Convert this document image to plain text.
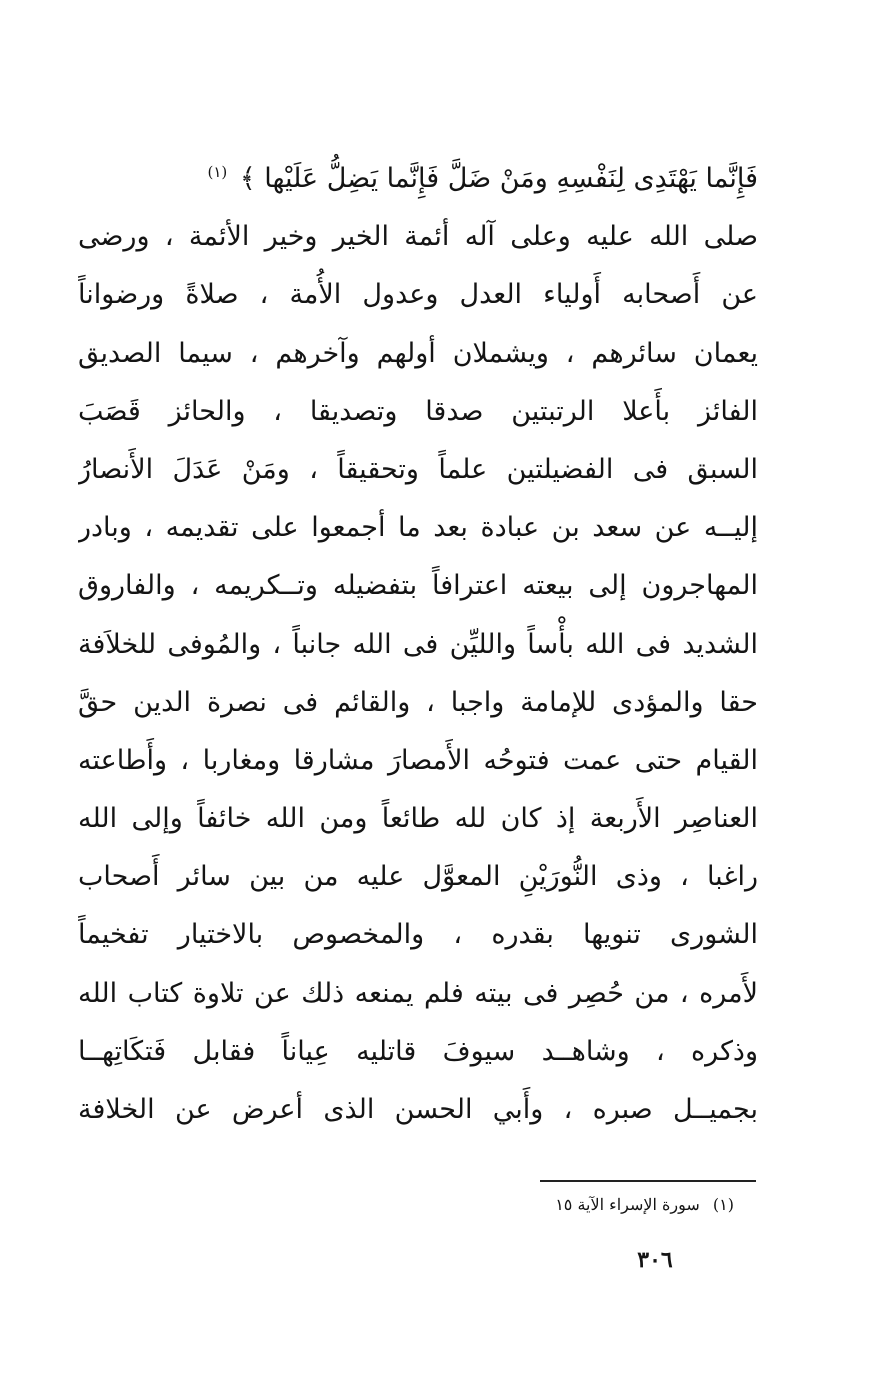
فَإِنَّما يَهْتَدِى لِنَفْسِهِ ومَنْ ضَلَّ فَإِنَّما يَضِلُّ عَلَيْها ﴾ $^{(١)}$
صلى الله عليه وعلى آله أئمة الخير وخير الأئمة ، ورضى
عن أَصحابه أَولياء العدل وعدول الأُمة ، صلاةً ورضواناً
يعمان سائرهم ، ويشملان أولهم وآخرهم ، سيما الصديق
الفائز بأَعلا الرتبتين صدقا وتصديقا ، والحائز قَصَبَ
السبق فى الفضيلتين علماً وتحقيقاً ، ومَنْ عَدَلَ الأَنصارُ
إليــه عن سعد بن عبادة بعد ما أجمعوا على تقديمه ، وبادر
المهاجرون إلى بيعته اعترافاً بتفضيله وتــكريمه ، والفاروق
الشديد فى الله بأْساً والليِّن فى الله جانباً ، والمُوفى للخلاَفة
حقا والمؤدى للإمامة واجبا ، والقائم فى نصرة الدين حقَّ
القيام حتى عمت فتوحُه الأَمصارَ مشارقا ومغاربا ، وأَطاعته
العناصِر الأَربعة إذ كان لله طائعاً ومن الله خائفاً وإلى الله
راغبا ، وذى النُّورَيْنِ المعوَّل عليه من بين سائر أَصحاب
الشورى تنويها بقدره ، والمخصوص بالاختيار تفخيماً
لأَمره ، من حُصِر فى بيته فلم يمنعه ذلك عن تلاوة كتاب الله
وذكره ، وشاهــد سيوفَ قاتليه عِياناً فقابل فَتكَاتِهــا
بجميــل صبره ، وأَبي الحسن الذى أعرض عن الخلافة
(١) سورة الإسراء الآية ١٥
٣٠٦
